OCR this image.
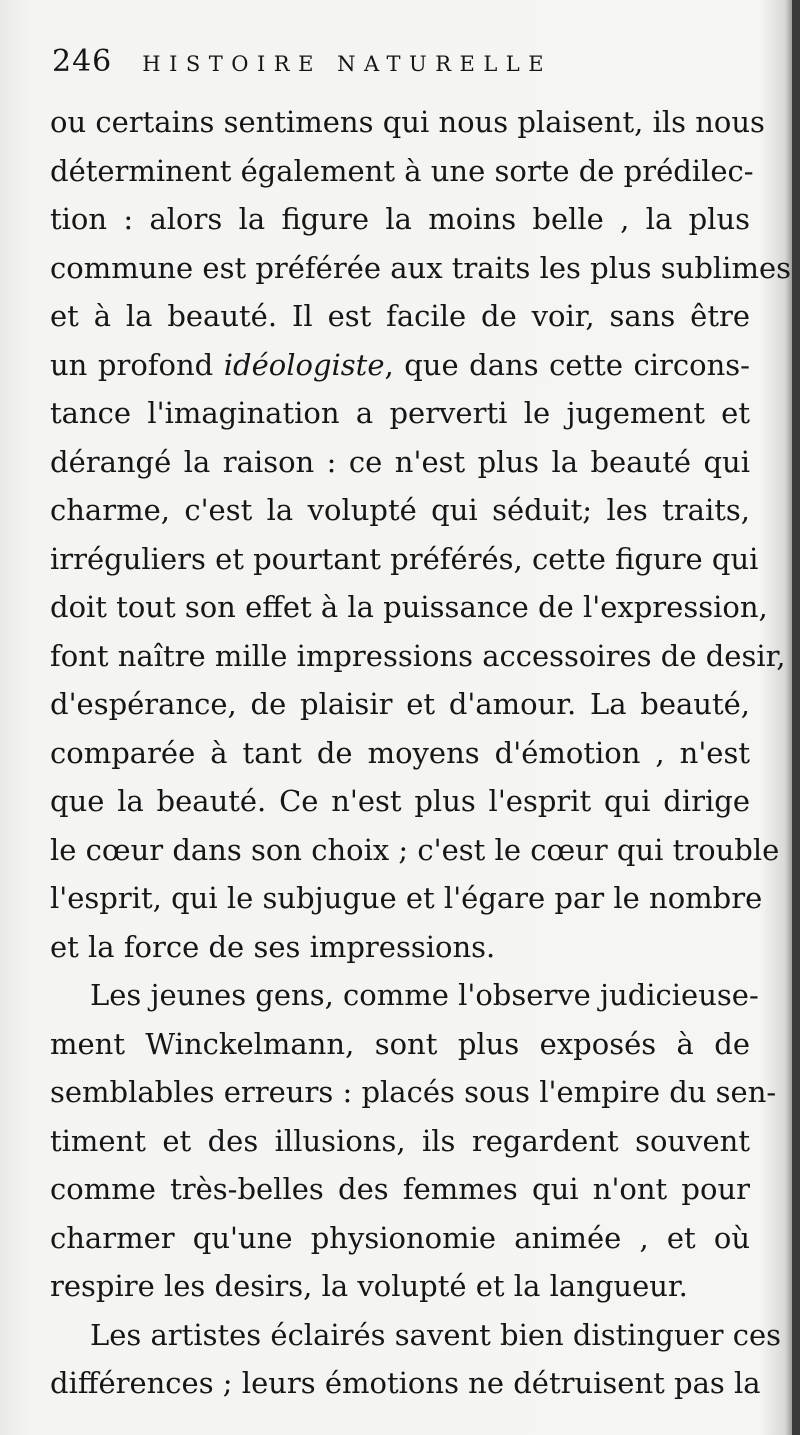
246 HISTOIRE NATURELLE
ou certains sentimens qui nous plaisent, ils nous
déterminent également à une sorte de prédilec-
tion : alors la figure la moins belle , la plus
commune est préférée aux traits les plus sublimes
et à la beauté. Il est facile de voir, sans être
un profond idéologiste, que dans cette circons-
tance l'imagination a perverti le jugement et
dérangé la raison : ce n'est plus la beauté qui
charme, c'est la volupté qui séduit; les traits,
irréguliers et pourtant préférés, cette figure qui
doit tout son effet à la puissance de l'expression,
font naître mille impressions accessoires de desir,
d'espérance, de plaisir et d'amour. La beauté,
comparée à tant de moyens d'émotion , n'est
que la beauté. Ce n'est plus l'esprit qui dirige
le cœur dans son choix ; c'est le cœur qui trouble
l'esprit, qui le subjugue et l'égare par le nombre
et la force de ses impressions.
Les jeunes gens, comme l'observe judicieuse-
ment Winckelmann, sont plus exposés à de
semblables erreurs : placés sous l'empire du sen-
timent et des illusions, ils regardent souvent
comme très-belles des femmes qui n'ont pour
charmer qu'une physionomie animée , et où
respire les desirs, la volupté et la langueur.
Les artistes éclairés savent bien distinguer ces
différences ; leurs émotions ne détruisent pas la
